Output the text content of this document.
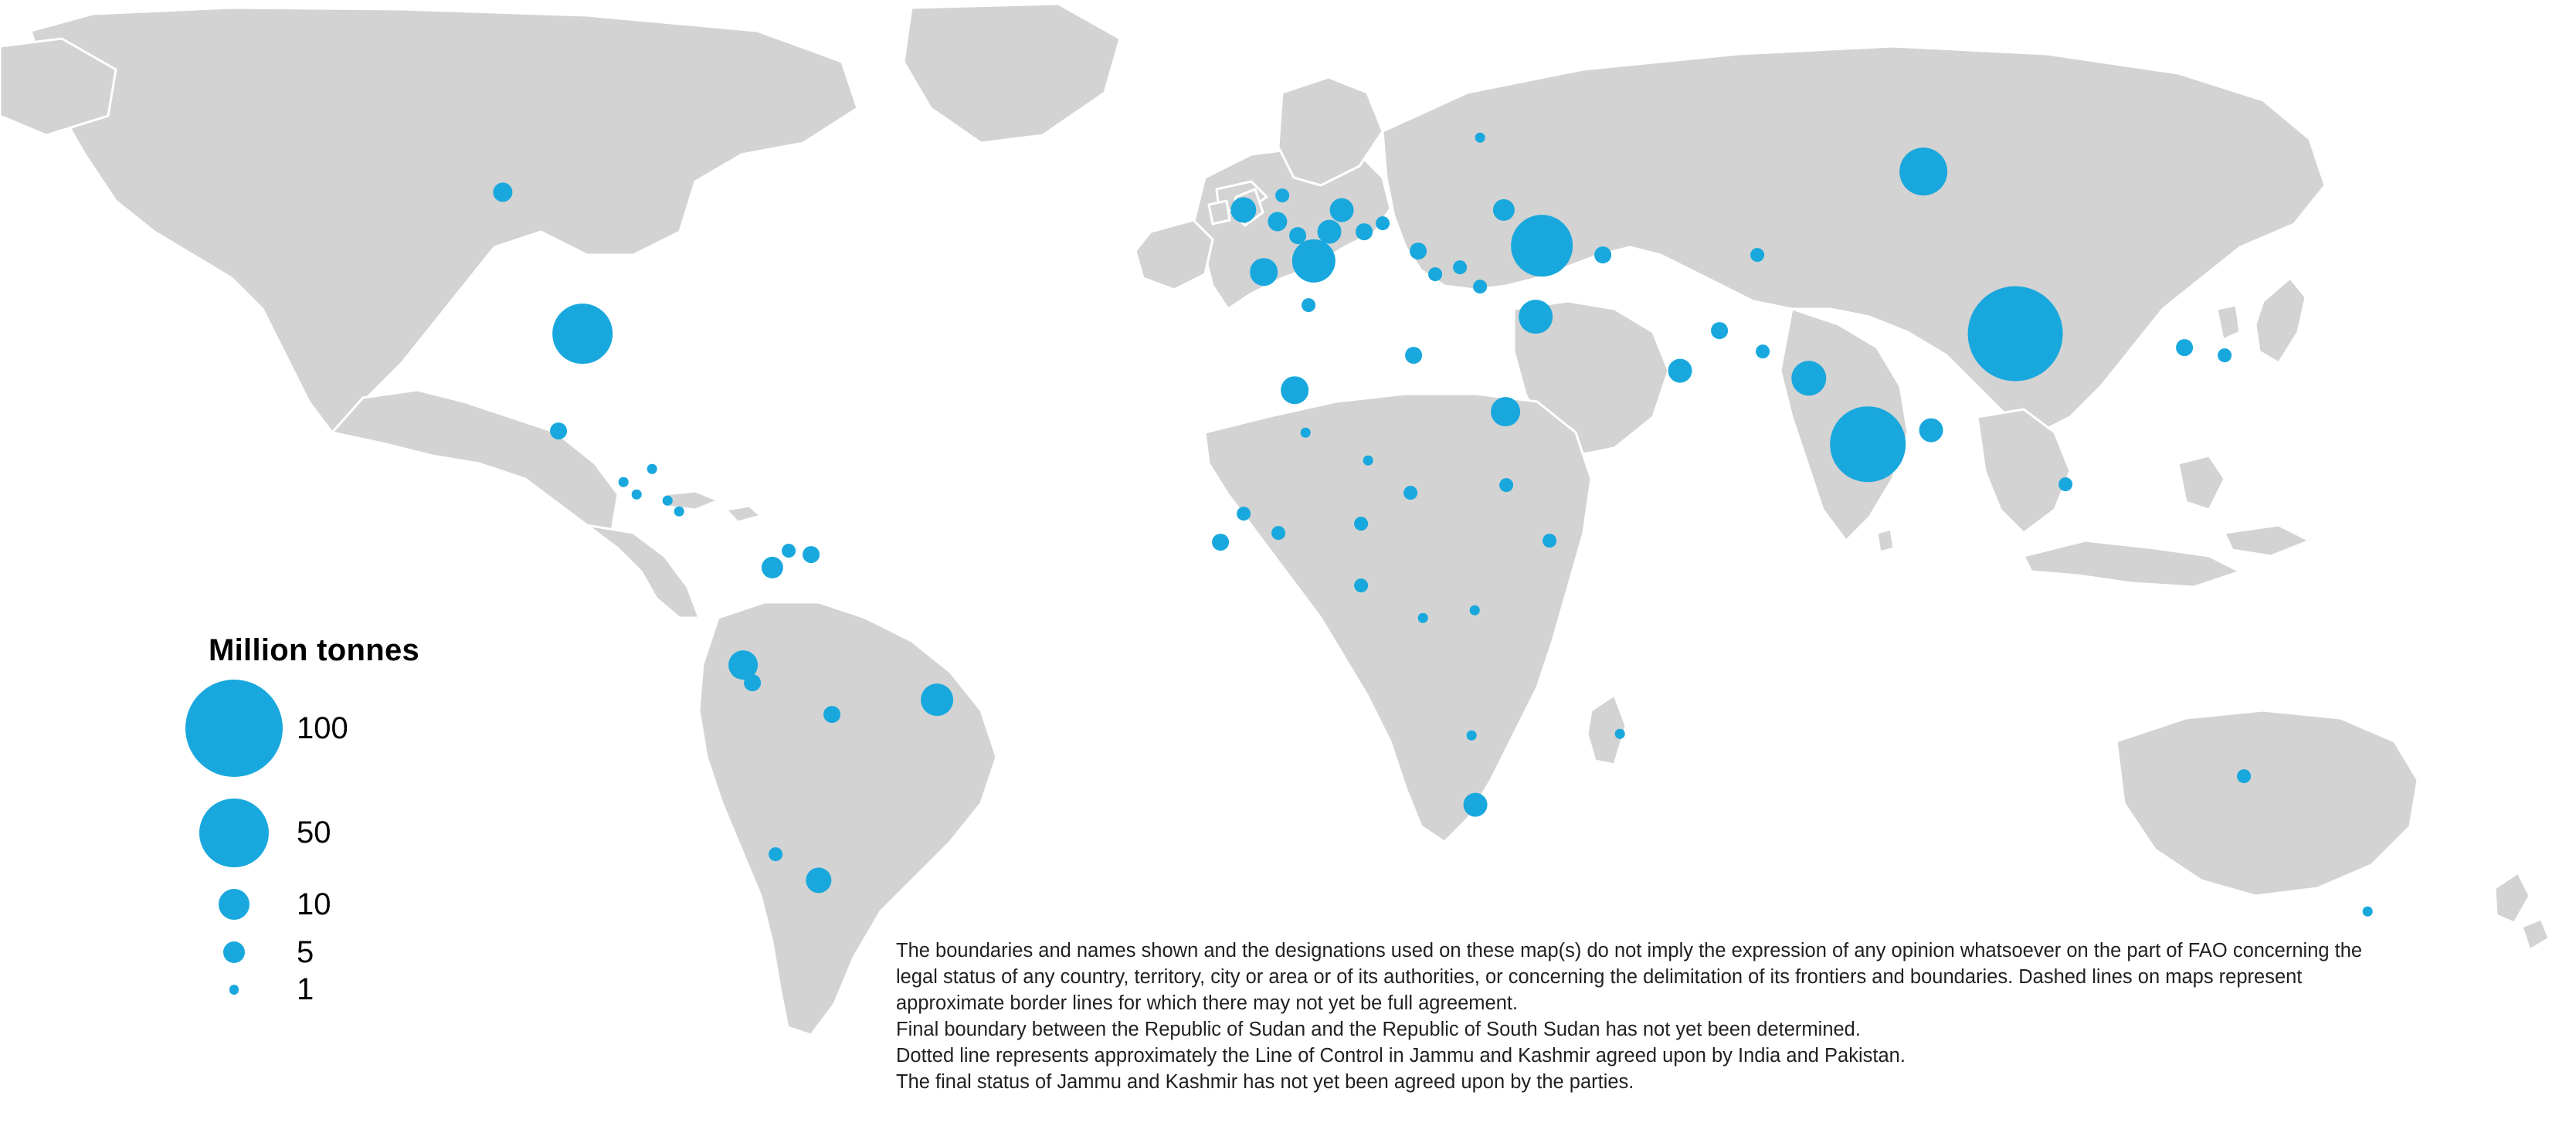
Million tonnes
100
50
10
5
1

The boundaries and names shown and the designations used on these map(s) do not imply the expression of any opinion whatsoever on the part of FAO concerning the legal status of any country, territory, city or area or of its authorities, or concerning the delimitation of its frontiers and boundaries. Dashed lines on maps represent approximate border lines for which there may not yet be full agreement.

Final boundary between the Republic of Sudan and the Republic of South Sudan has not yet been determined.

Dotted line represents approximately the Line of Control in Jammu and Kashmir agreed upon by India and Pakistan.

The final status of Jammu and Kashmir has not yet been agreed upon by the parties.
